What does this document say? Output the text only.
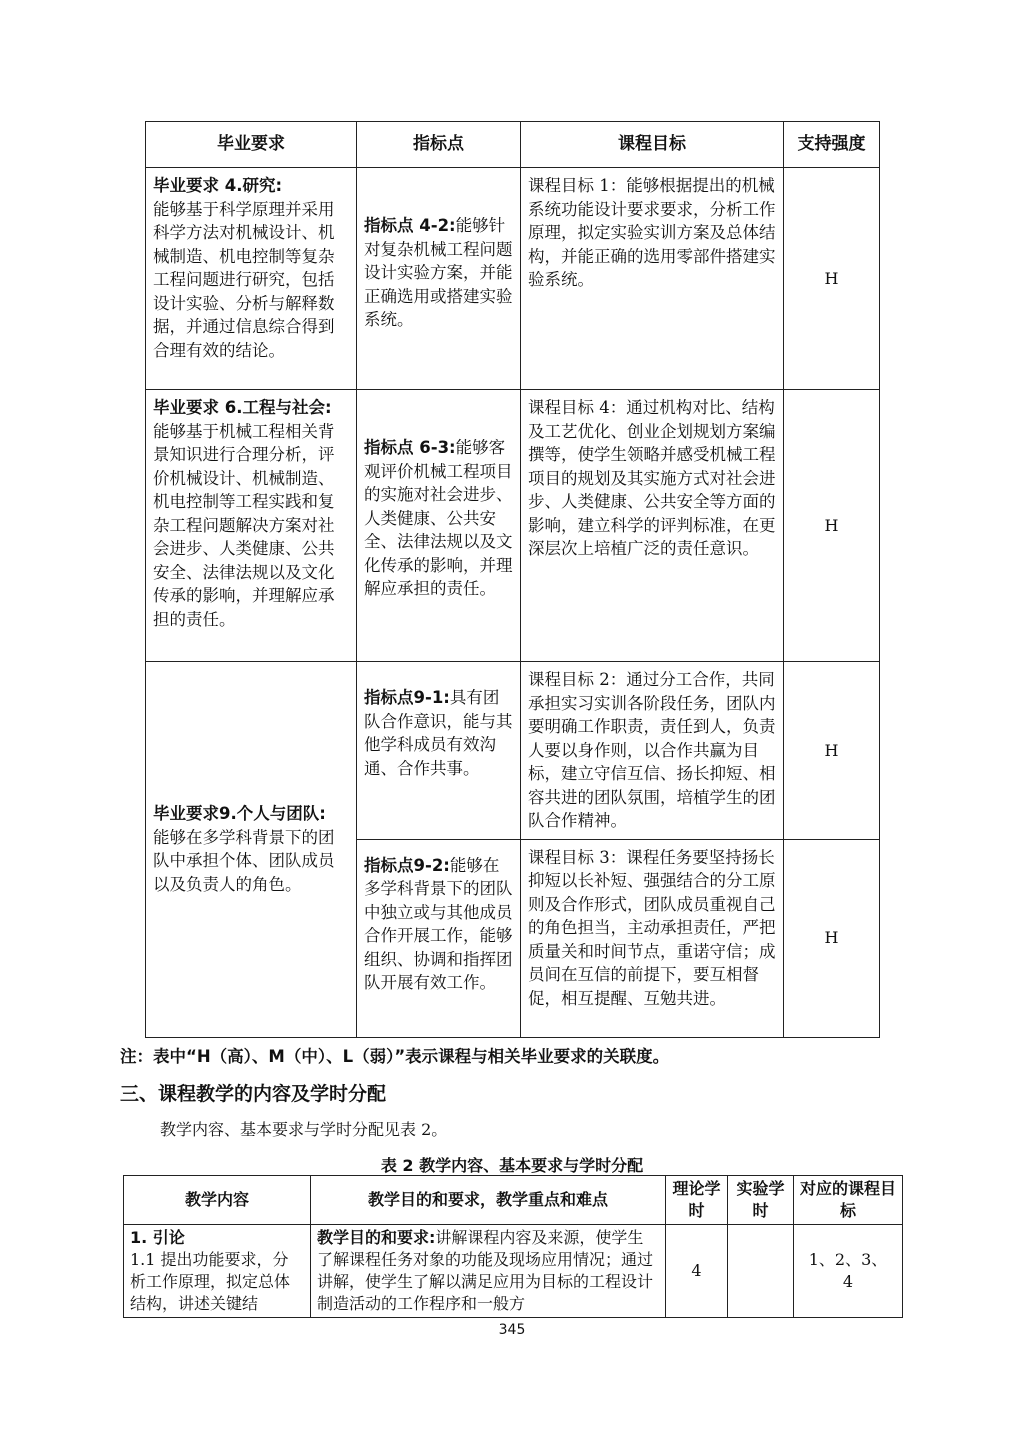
毕业要求	指标点	课程目标	支持强度
毕业要求 4.研究:
能够基于科学原理并采用科学方法对机械设计、机械制造、机电控制等复杂工程问题进行研究，包括设计实验、分析与解释数据，并通过信息综合得到合理有效的结论。	指标点 4-2:能够针对复杂机械工程问题设计实验方案，并能正确选用或搭建实验系统。	课程目标 1：能够根据提出的机械系统功能设计要求要求，分析工作原理，拟定实验实训方案及总体结构，并能正确的选用零部件搭建实验系统。	H
毕业要求 6.工程与社会:
能够基于机械工程相关背景知识进行合理分析，评价机械设计、机械制造、机电控制等工程实践和复杂工程问题解决方案对社会进步、人类健康、公共安全、法律法规以及文化传承的影响，并理解应承担的责任。	指标点 6-3:能够客观评价机械工程项目的实施对社会进步、人类健康、公共安全、法律法规以及文化传承的影响，并理解应承担的责任。	课程目标 4：通过机构对比、结构及工艺优化、创业企划规划方案编撰等，使学生领略并感受机械工程项目的规划及其实施方式对社会进步、人类健康、公共安全等方面的影响，建立科学的评判标准，在更深层次上培植广泛的责任意识。	H
毕业要求9.个人与团队:
能够在多学科背景下的团队中承担个体、团队成员以及负责人的角色。	指标点9-1:具有团队合作意识，能与其他学科成员有效沟通、合作共事。	课程目标 2：通过分工合作，共同承担实习实训各阶段任务，团队内要明确工作职责，责任到人，负责人要以身作则，以合作共赢为目标，建立守信互信、扬长抑短、相容共进的团队氛围，培植学生的团队合作精神。	H
	指标点9-2:能够在多学科背景下的团队中独立或与其他成员合作开展工作，能够组织、协调和指挥团队开展有效工作。	课程目标 3：课程任务要坚持扬长抑短以长补短、强强结合的分工原则及合作形式，团队成员重视自己的角色担当，主动承担责任，严把质量关和时间节点，重诺守信；成员间在互信的前提下，要互相督促，相互提醒、互勉共进。	H
注：表中“H（高）、M（中）、L（弱）”表示课程与相关毕业要求的关联度。
三、课程教学的内容及学时分配
教学内容、基本要求与学时分配见表 2。
表 2 教学内容、基本要求与学时分配
教学内容	教学目的和要求，教学重点和难点	理论学时	实验学时	对应的课程目标
1. 引论
1.1 提出功能要求，分析工作原理，拟定总体结构，讲述关键结	教学目的和要求:讲解课程内容及来源，使学生了解课程任务对象的功能及现场应用情况；通过讲解，使学生了解以满足应用为目标的工程设计制造活动的工作程序和一般方	4		1、2、3、4
345
